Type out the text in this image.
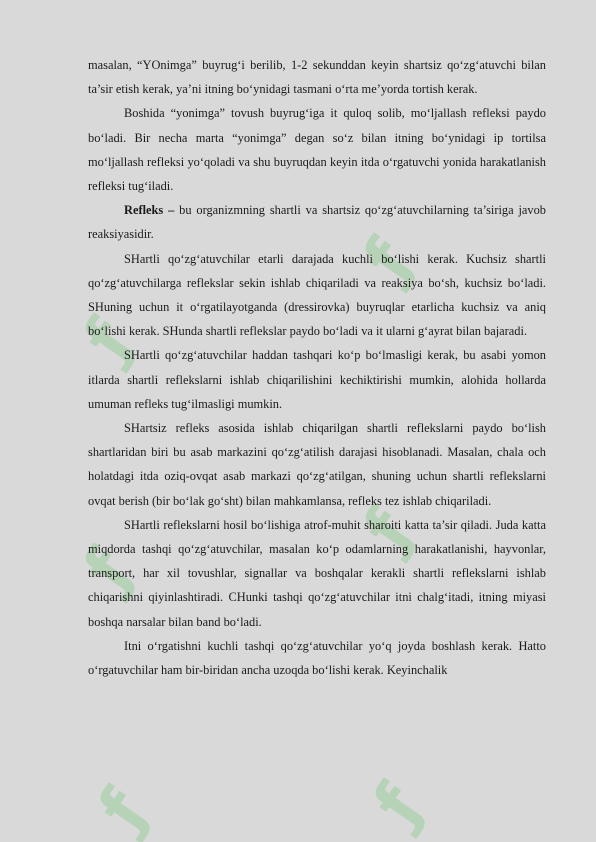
ƒ
ƒ
ƒ
ƒ
ƒ	ƒ

masalan, “YOnimga” buyrug‘i berilib, 1-2 sekunddan keyin shartsiz qo‘zg‘atuvchi bilan ta’sir etish kerak, ya’ni itning bo‘ynidagi tasmani o‘rta me’yorda tortish kerak.

Boshida “yonimga” tovush buyrug‘iga it quloq solib, mo‘ljallash refleksi paydo bo‘ladi. Bir necha marta “yonimga” degan so‘z bilan itning bo‘ynidagi ip tortilsa mo‘ljallash refleksi yo‘qoladi va shu buyruqdan keyin itda o‘rgatuvchi yonida harakatlanish refleksi tug‘iladi.

Refleks – bu organizmning shartli va shartsiz qo‘zg‘atuvchilarning ta’siriga javob reaksiyasidir.

SHartli qo‘zg‘atuvchilar etarli darajada kuchli bo‘lishi kerak. Kuchsiz shartli qo‘zg‘atuvchilarga reflekslar sekin ishlab chiqariladi va reaksiya bo‘sh, kuchsiz bo‘ladi. SHuning uchun it o‘rgatilayotganda (dressirovka) buyruqlar etarlicha kuchsiz va aniq bo‘lishi kerak. SHunda shartli reflekslar paydo bo‘ladi va it ularni g‘ayrat bilan bajaradi.

SHartli qo‘zg‘atuvchilar haddan tashqari ko‘p bo‘lmasligi kerak, bu asabi yomon itlarda shartli reflekslarni ishlab chiqarilishini kechiktirishi mumkin, alohida hollarda umuman refleks tug‘ilmasligi mumkin.

SHartsiz refleks asosida ishlab chiqarilgan shartli reflekslarni paydo bo‘lish shartlaridan biri bu asab markazini qo‘zg‘atilish darajasi hisoblanadi. Masalan, chala och holatdagi itda oziq-ovqat asab markazi qo‘zg‘atilgan, shuning uchun shartli reflekslarni ovqat berish (bir bo‘lak go‘sht) bilan mahkamlansa, refleks tez ishlab chiqariladi.

SHartli reflekslarni hosil bo‘lishiga atrof-muhit sharoiti katta ta’sir qiladi. Juda katta miqdorda tashqi qo‘zg‘atuvchilar, masalan ko‘p odamlarning harakatlanishi, hayvonlar, transport, har xil tovushlar, signallar va boshqalar kerakli shartli reflekslarni ishlab chiqarishni qiyinlashtiradi. CHunki tashqi qo‘zg‘atuvchilar itni chalg‘itadi, itning miyasi boshqa narsalar bilan band bo‘ladi.

Itni o‘rgatishni kuchli tashqi qo‘zg‘atuvchilar yo‘q joyda boshlash kerak. Hatto o‘rgatuvchilar ham bir-biridan ancha uzoqda bo‘lishi kerak. Keyinchalik
